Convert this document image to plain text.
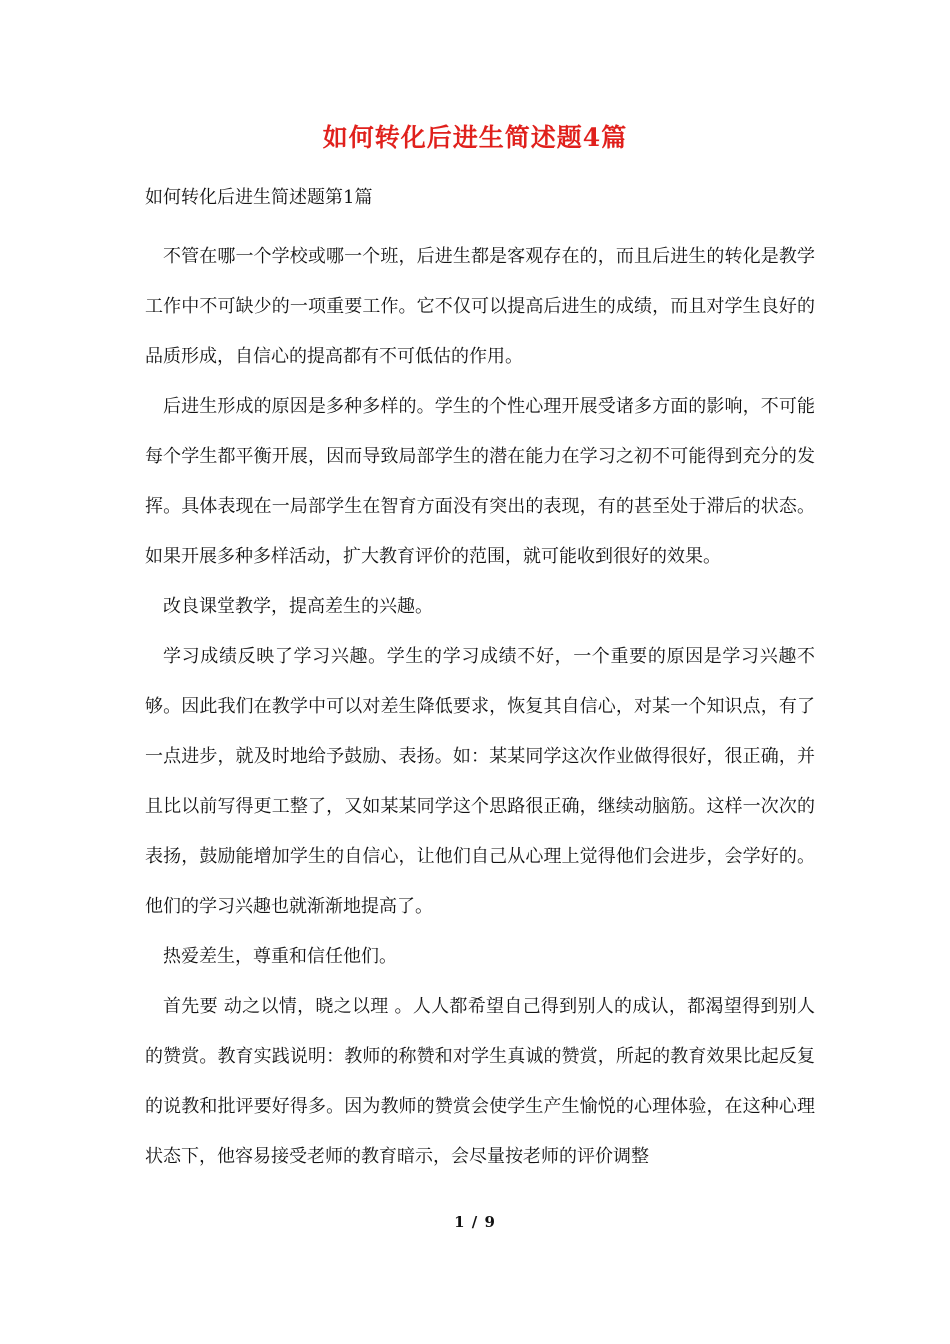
如何转化后进生简述题4篇
如何转化后进生简述题第1篇

不管在哪一个学校或哪一个班，后进生都是客观存在的，而且后进生的转化是教学工作中不可缺少的一项重要工作。它不仅可以提高后进生的成绩，而且对学生良好的品质形成，自信心的提高都有不可低估的作用。

后进生形成的原因是多种多样的。学生的个性心理开展受诸多方面的影响，不可能每个学生都平衡开展，因而导致局部学生的潜在能力在学习之初不可能得到充分的发挥。具体表现在一局部学生在智育方面没有突出的表现，有的甚至处于滞后的状态。如果开展多种多样活动，扩大教育评价的范围，就可能收到很好的效果。

改良课堂教学，提高差生的兴趣。

学习成绩反映了学习兴趣。学生的学习成绩不好，一个重要的原因是学习兴趣不够。因此我们在教学中可以对差生降低要求，恢复其自信心，对某一个知识点，有了一点进步，就及时地给予鼓励、表扬。如：某某同学这次作业做得很好，很正确，并且比以前写得更工整了，又如某某同学这个思路很正确，继续动脑筋。这样一次次的表扬，鼓励能增加学生的自信心，让他们自己从心理上觉得他们会进步，会学好的。他们的学习兴趣也就渐渐地提高了。

热爱差生，尊重和信任他们。

首先要 动之以情，晓之以理 。人人都希望自己得到别人的成认，都渴望得到别人的赞赏。教育实践说明：教师的称赞和对学生真诚的赞赏，所起的教育效果比起反复的说教和批评要好得多。因为教师的赞赏会使学生产生愉悦的心理体验，在这种心理状态下，他容易接受老师的教育暗示，会尽量按老师的评价调整

1 / 9
